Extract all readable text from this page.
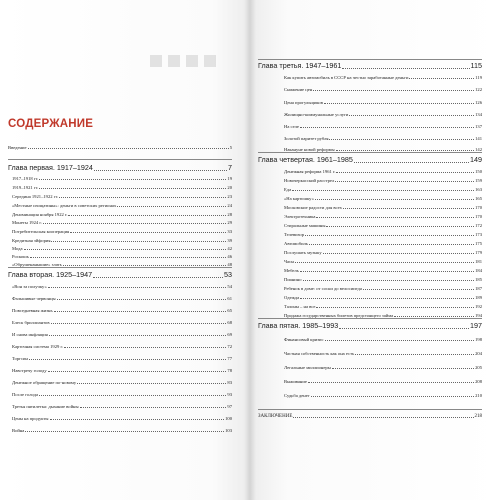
СОДЕРЖАНИЕ
Введение	5
Глава первая. 1917–1924	7
1917–1918 гг.	19
1919–1921 гг.	20
Середина 1921–1922 гг.	23
«Местные изощатины»: деньги в советских регионах	24
Деноминация ноября 1922 г.	28
Монеты 1924 г.	29
Потребительская кооперация	33
Кредитная эйфория	39
Мода	42
Роскошь	46
«Обрушенанышие» злать	48
Глава вторая. 1925–1947	53
«Вон за получку»	54
Фальшивые червонцы	61
Повседневная жизнь	65
Блеск бриллиантов	68
И снова инфляция	69
Карточная система 1929 г.	72
Торгсин	77
Навстречу голоду	78
Денежное обращение по-новому	83
После голода	93
Третья пятилетка: дыхание войны	97
Цены на продукты	100
Война	103
Глава третья. 1947–1961	115
Как купить автомобиль в СССР на честно заработанные деньги	119
Снижение цен	122
Цена прогульщиков	126
Жилищно-коммунальные услуги	134
На селе	137
Золотой паритет рубля	141
Накануне новой реформы	142
Глава четвертая. 1961–1985	149
Денежная реформа 1961 г.	150
Новочеркасский расстрел	159
Еда	163
«На картошку»	165
Московские радости для всех	170
Электротехника	170
Стиральные машины	172
Телевизор	173
Автомобиль	175
Послушать музыку	179
Часы	181
Мебель	184
Пианино	185
Ребенок в доме: от соски до велосипеда	187
Одежда	189
Талоны – на все	192
Продажа государственных билетов предстоящего займа	194
Глава пятая. 1985–1993	197
Финансовый кризис	198
Частная собственность как она есть	204
Легальные миллионеры	205
Выживание	208
Судьба денег	210
ЗАКЛЮЧЕНИЕ	218
